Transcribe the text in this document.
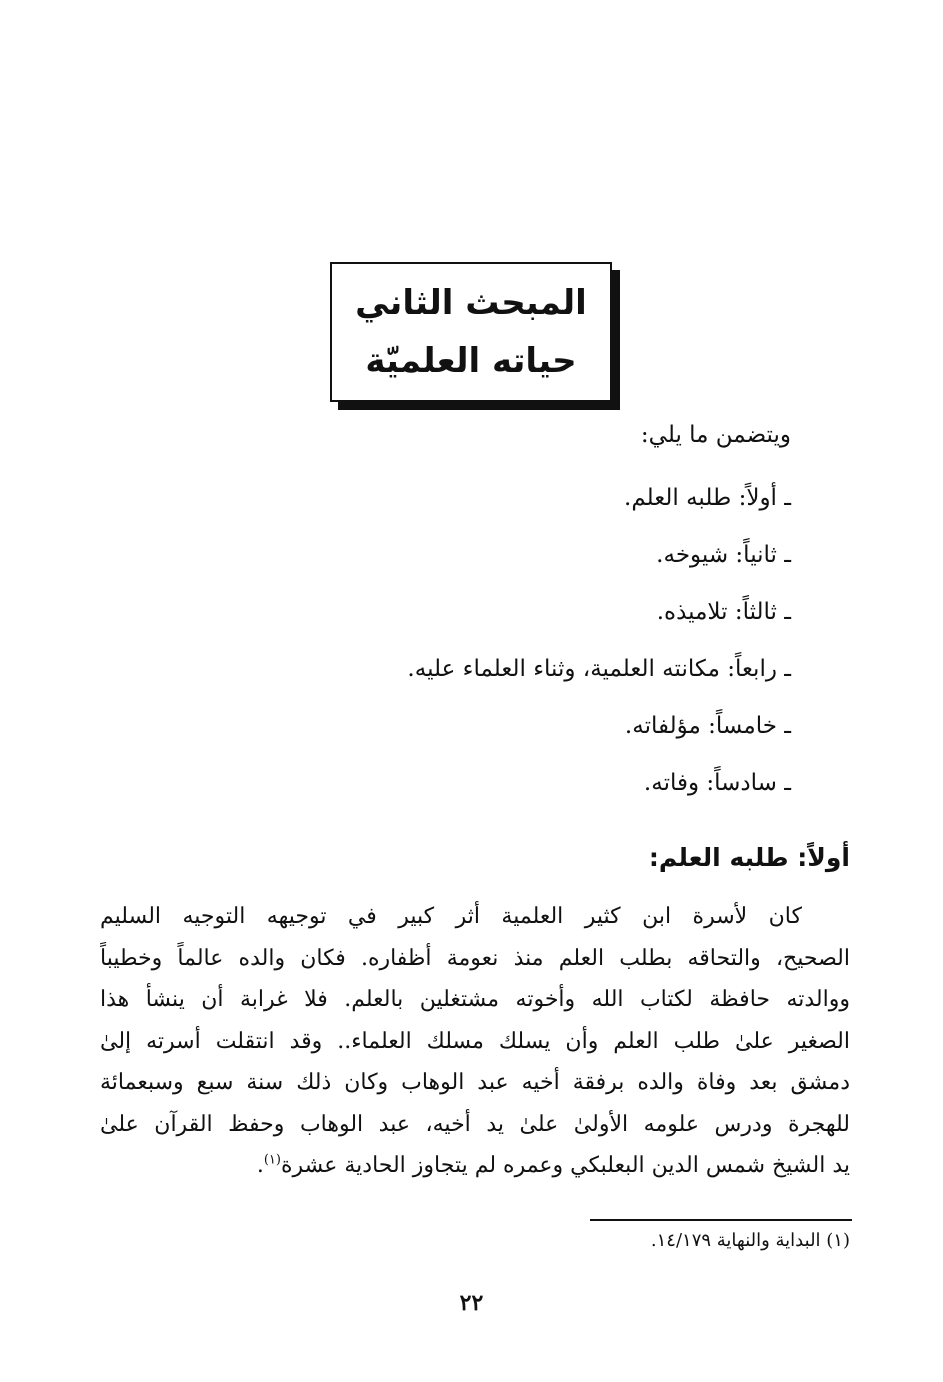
المبحث الثاني
حياته العلميّة
ويتضمن ما يلي:
ـ أولاً: طلبه العلم.
ـ ثانياً: شيوخه.
ـ ثالثاً: تلاميذه.
ـ رابعاً: مكانته العلمية، وثناء العلماء عليه.
ـ خامساً: مؤلفاته.
ـ سادساً: وفاته.
أولاً: طلبه العلم:
كان لأسرة ابن كثير العلمية أثر كبير في توجيهه التوجيه السليم
الصحيح، والتحاقه بطلب العلم منذ نعومة أظفاره. فكان والده عالماً وخطيباً
ووالدته حافظة لكتاب الله وأخوته مشتغلين بالعلم. فلا غرابة أن ينشأ هذا
الصغير علىٰ طلب العلم وأن يسلك مسلك العلماء.. وقد انتقلت أسرته إلىٰ
دمشق بعد وفاة والده برفقة أخيه عبد الوهاب وكان ذلك سنة سبع وسبعمائة
للهجرة ودرس علومه الأولىٰ علىٰ يد أخيه، عبد الوهاب وحفظ القرآن علىٰ
يد الشيخ شمس الدين البعلبكي وعمره لم يتجاوز الحادية عشرة$^{(١)}$.
(١) البداية والنهاية ١٤/١٧٩.
٢٢
